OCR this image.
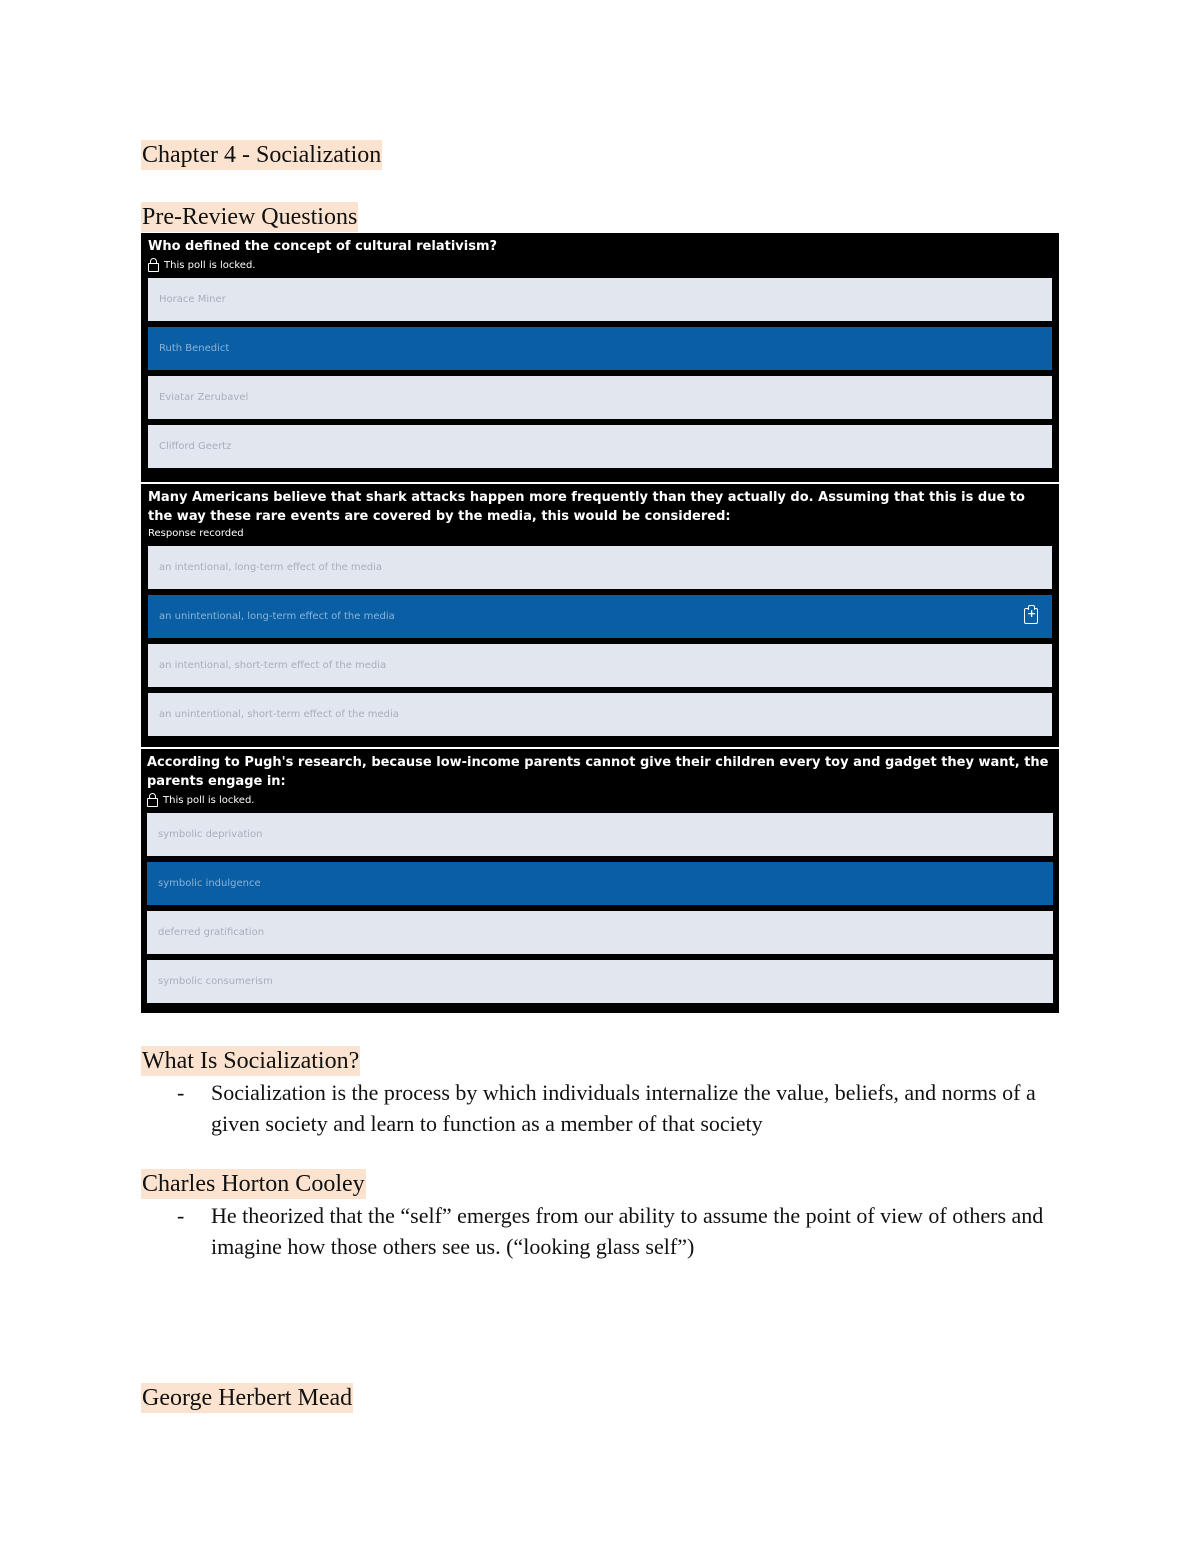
Chapter 4 - Socialization
Pre-Review Questions
Who defined the concept of cultural relativism?
This poll is locked.
Horace Miner
Ruth Benedict
Eviatar Zerubavel
Clifford Geertz
Many Americans believe that shark attacks happen more frequently than they actually do. Assuming that this is due to the way these rare events are covered by the media, this would be considered:
Response recorded
an intentional, long-term effect of the media
an unintentional, long-term effect of the media
+
an intentional, short-term effect of the media
an unintentional, short-term effect of the media
According to Pugh's research, because low-income parents cannot give their children every toy and gadget they want, the parents engage in:
This poll is locked.
symbolic deprivation
symbolic indulgence
deferred gratification
symbolic consumerism
What Is Socialization?
- Socialization is the process by which individuals internalize the value, beliefs, and norms of a given society and learn to function as a member of that society
Charles Horton Cooley
- He theorized that the “self” emerges from our ability to assume the point of view of others and imagine how those others see us. (“looking glass self”)
George Herbert Mead
